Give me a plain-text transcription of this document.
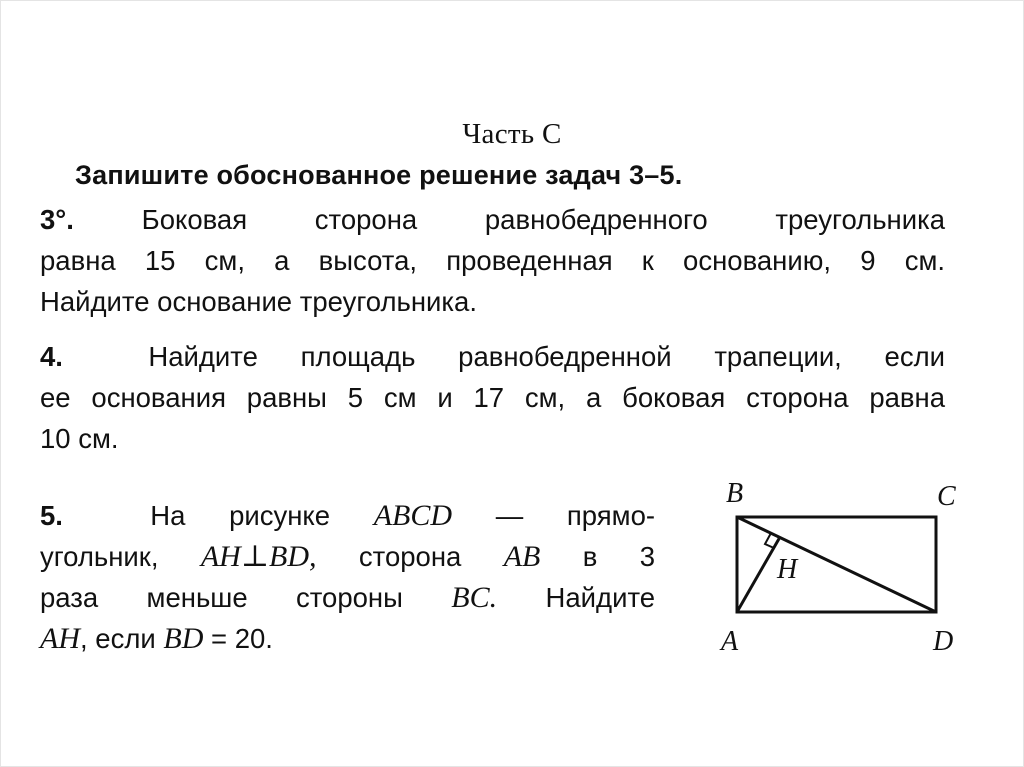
Часть С
Запишите обоснованное решение задач 3–5.
3°. Боковая сторона равнобедренного треугольника
равна 15 см, а высота, проведенная к основанию, 9 см.
Найдите основание треугольника.
4.	Найдите площадь равнобедренной трапеции, если
ее основания равны 5 см и 17 см, а боковая сторона равна
10 см.
5.	На рисунке ABCD — прямо-
угольник, AH⊥BD, сторона AB в 3
раза меньше стороны BC. Найдите
AH, если BD = 20.
B	C
A	D
H
